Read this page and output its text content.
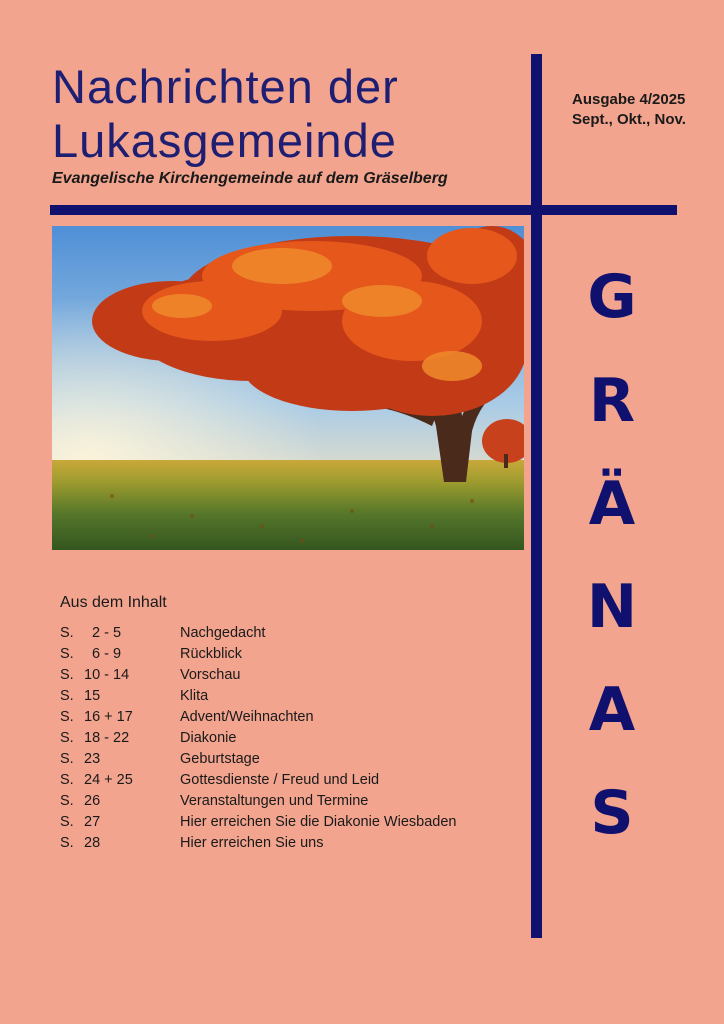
Nachrichten der
Lukasgemeinde
Evangelische Kirchengemeinde auf dem Gräselberg
Ausgabe 4/2025
Sept., Okt., Nov.
G
R
Ä
N
A
S
Aus dem Inhalt
S. 2 - 5	Nachgedacht
S. 6 - 9	Rückblick
S. 10 - 14	Vorschau
S. 15	Klita
S. 16 + 17	Advent/Weihnachten
S. 18 - 22	Diakonie
S. 23	Geburtstage
S. 24 + 25	Gottesdienste / Freud und Leid
S. 26	Veranstaltungen und Termine
S. 27	Hier erreichen Sie die Diakonie Wiesbaden
S. 28	Hier erreichen Sie uns
